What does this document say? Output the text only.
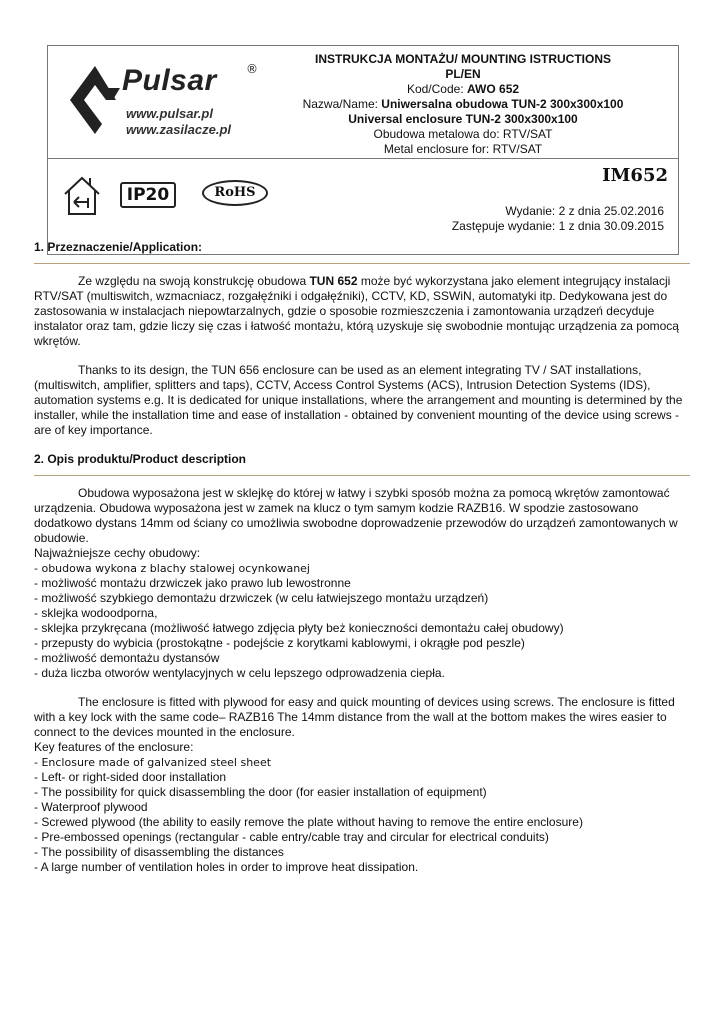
Pulsar ®
www.pulsar.pl
www.zasilacze.pl
INSTRUKCJA MONTAŻU/ MOUNTING ISTRUCTIONS
PL/EN
Kod/Code: AWO 652
Nazwa/Name: Uniwersalna obudowa TUN-2 300x300x100
Universal enclosure TUN-2 300x300x100
Obudowa metalowa do: RTV/SAT
Metal enclosure for: RTV/SAT
IP20	RoHS
IM652
Wydanie: 2 z dnia 25.02.2016
Zastępuje wydanie: 1 z dnia 30.09.2015
1. Przeznaczenie/Application:

Ze względu na swoją konstrukcję obudowa TUN 652 może być wykorzystana jako element integrujący instalacji RTV/SAT (multiswitch, wzmacniacz, rozgałęźniki i odgałęźniki), CCTV, KD, SSWiN, automatyki itp. Dedykowana jest do zastosowania w instalacjach niepowtarzalnych, gdzie o sposobie rozmieszczenia i zamontowania urządzeń decyduje instalator oraz tam, gdzie liczy się czas i łatwość montażu, którą uzyskuje się swobodnie montując urządzenia za pomocą wkrętów.

Thanks to its design, the TUN 656 enclosure can be used as an element integrating TV / SAT installations, (multiswitch, amplifier, splitters and taps), CCTV, Access Control Systems (ACS), Intrusion Detection Systems (IDS), automation systems e.g. It is dedicated for unique installations, where the arrangement and mounting is determined by the installer, while the installation time and ease of installation - obtained by convenient mounting of the device using screws - are of key importance.

2. Opis produktu/Product description

Obudowa wyposażona jest w sklejkę do której w łatwy i szybki sposób można za pomocą wkrętów zamontować urządzenia. Obudowa wyposażona jest w zamek na klucz o tym samym kodzie RAZB16. W spodzie zastosowano dodatkowo dystans 14mm od ściany co umożliwia swobodne doprowadzenie przewodów do urządzeń zamontowanych w obudowie.

Najważniejsze cechy obudowy:

- obudowa wykona z blachy stalowej ocynkowanej

- możliwość montażu drzwiczek jako prawo lub lewostronne

- możliwość szybkiego demontażu drzwiczek (w celu łatwiejszego montażu urządzeń)

- sklejka wodoodporna,

- sklejka przykręcana (możliwość łatwego zdjęcia płyty beż konieczności demontażu całej obudowy)

- przepusty do wybicia (prostokątne - podejście z korytkami kablowymi, i okrągłe pod peszle)

- możliwość demontażu dystansów

- duża liczba otworów wentylacyjnych w celu lepszego odprowadzenia ciepła.

The enclosure is fitted with plywood for easy and quick mounting of devices using screws. The enclosure is fitted with a key lock with the same code– RAZB16 The 14mm distance from the wall at the bottom makes the wires easier to connect to the devices mounted in the enclosure.

Key features of the enclosure:

- Enclosure made of galvanized steel sheet

- Left- or right-sided door installation

- The possibility for quick disassembling the door (for easier installation of equipment)

- Waterproof plywood

- Screwed plywood (the ability to easily remove the plate without having to remove the entire enclosure)

- Pre-embossed openings (rectangular - cable entry/cable tray and circular for electrical conduits)

- The possibility of disassembling the distances

- A large number of ventilation holes in order to improve heat dissipation.
